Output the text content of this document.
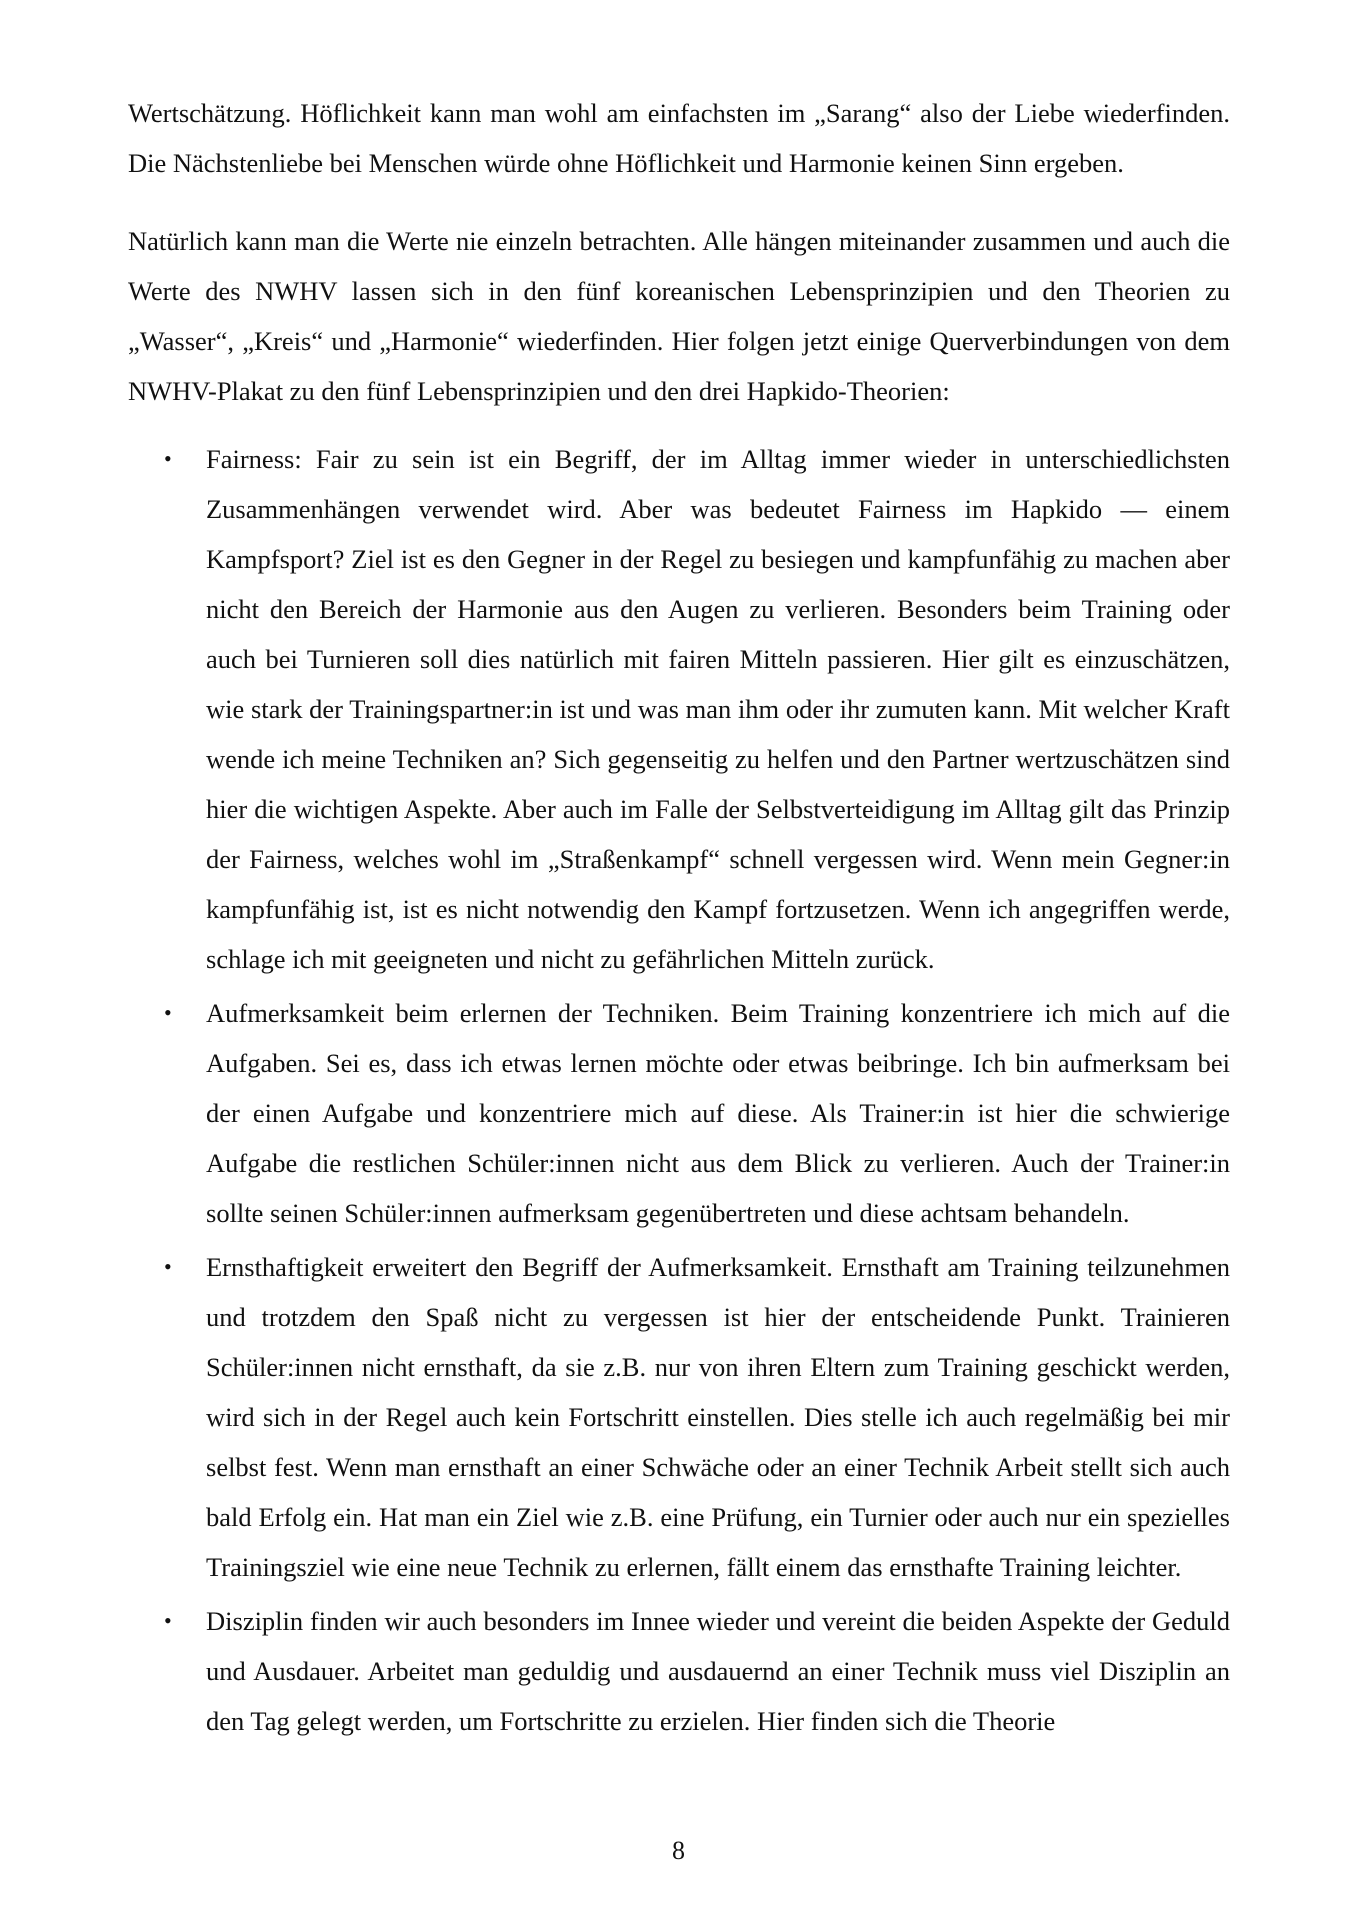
Wertschätzung. Höflichkeit kann man wohl am einfachsten im „Sarang“ also der Liebe wiederfinden. Die Nächstenliebe bei Menschen würde ohne Höflichkeit und Harmonie keinen Sinn ergeben.

Natürlich kann man die Werte nie einzeln betrachten. Alle hängen miteinander zusammen und auch die Werte des NWHV lassen sich in den fünf koreanischen Lebensprinzipien und den Theorien zu „Wasser“, „Kreis“ und „Harmonie“ wiederfinden. Hier folgen jetzt einige Querverbindungen von dem NWHV-Plakat zu den fünf Lebensprinzipien und den drei Hapkido-Theorien:

• Fairness: Fair zu sein ist ein Begriff, der im Alltag immer wieder in unterschiedlichsten Zusammenhängen verwendet wird. Aber was bedeutet Fairness im Hapkido — einem Kampfsport? Ziel ist es den Gegner in der Regel zu besiegen und kampfunfähig zu machen aber nicht den Bereich der Harmonie aus den Augen zu verlieren. Besonders beim Training oder auch bei Turnieren soll dies natürlich mit fairen Mitteln passieren. Hier gilt es einzuschätzen, wie stark der Trainingspartner:in ist und was man ihm oder ihr zumuten kann. Mit welcher Kraft wende ich meine Techniken an? Sich gegenseitig zu helfen und den Partner wertzuschätzen sind hier die wichtigen Aspekte. Aber auch im Falle der Selbstverteidigung im Alltag gilt das Prinzip der Fairness, welches wohl im „Straßenkampf“ schnell vergessen wird. Wenn mein Gegner:in kampfunfähig ist, ist es nicht notwendig den Kampf fortzusetzen. Wenn ich angegriffen werde, schlage ich mit geeigneten und nicht zu gefährlichen Mitteln zurück.
• Aufmerksamkeit beim erlernen der Techniken. Beim Training konzentriere ich mich auf die Aufgaben. Sei es, dass ich etwas lernen möchte oder etwas beibringe. Ich bin aufmerksam bei der einen Aufgabe und konzentriere mich auf diese. Als Trainer:in ist hier die schwierige Aufgabe die restlichen Schüler:innen nicht aus dem Blick zu verlieren. Auch der Trainer:in sollte seinen Schüler:innen aufmerksam gegenübertreten und diese achtsam behandeln.
• Ernsthaftigkeit erweitert den Begriff der Aufmerksamkeit. Ernsthaft am Training teilzunehmen und trotzdem den Spaß nicht zu vergessen ist hier der entscheidende Punkt. Trainieren Schüler:innen nicht ernsthaft, da sie z.B. nur von ihren Eltern zum Training geschickt werden, wird sich in der Regel auch kein Fortschritt einstellen. Dies stelle ich auch regelmäßig bei mir selbst fest. Wenn man ernsthaft an einer Schwäche oder an einer Technik Arbeit stellt sich auch bald Erfolg ein. Hat man ein Ziel wie z.B. eine Prüfung, ein Turnier oder auch nur ein spezielles Trainingsziel wie eine neue Technik zu erlernen, fällt einem das ernsthafte Training leichter.
• Disziplin finden wir auch besonders im Innee wieder und vereint die beiden Aspekte der Geduld und Ausdauer. Arbeitet man geduldig und ausdauernd an einer Technik muss viel Disziplin an den Tag gelegt werden, um Fortschritte zu erzielen. Hier finden sich die Theorie
8
